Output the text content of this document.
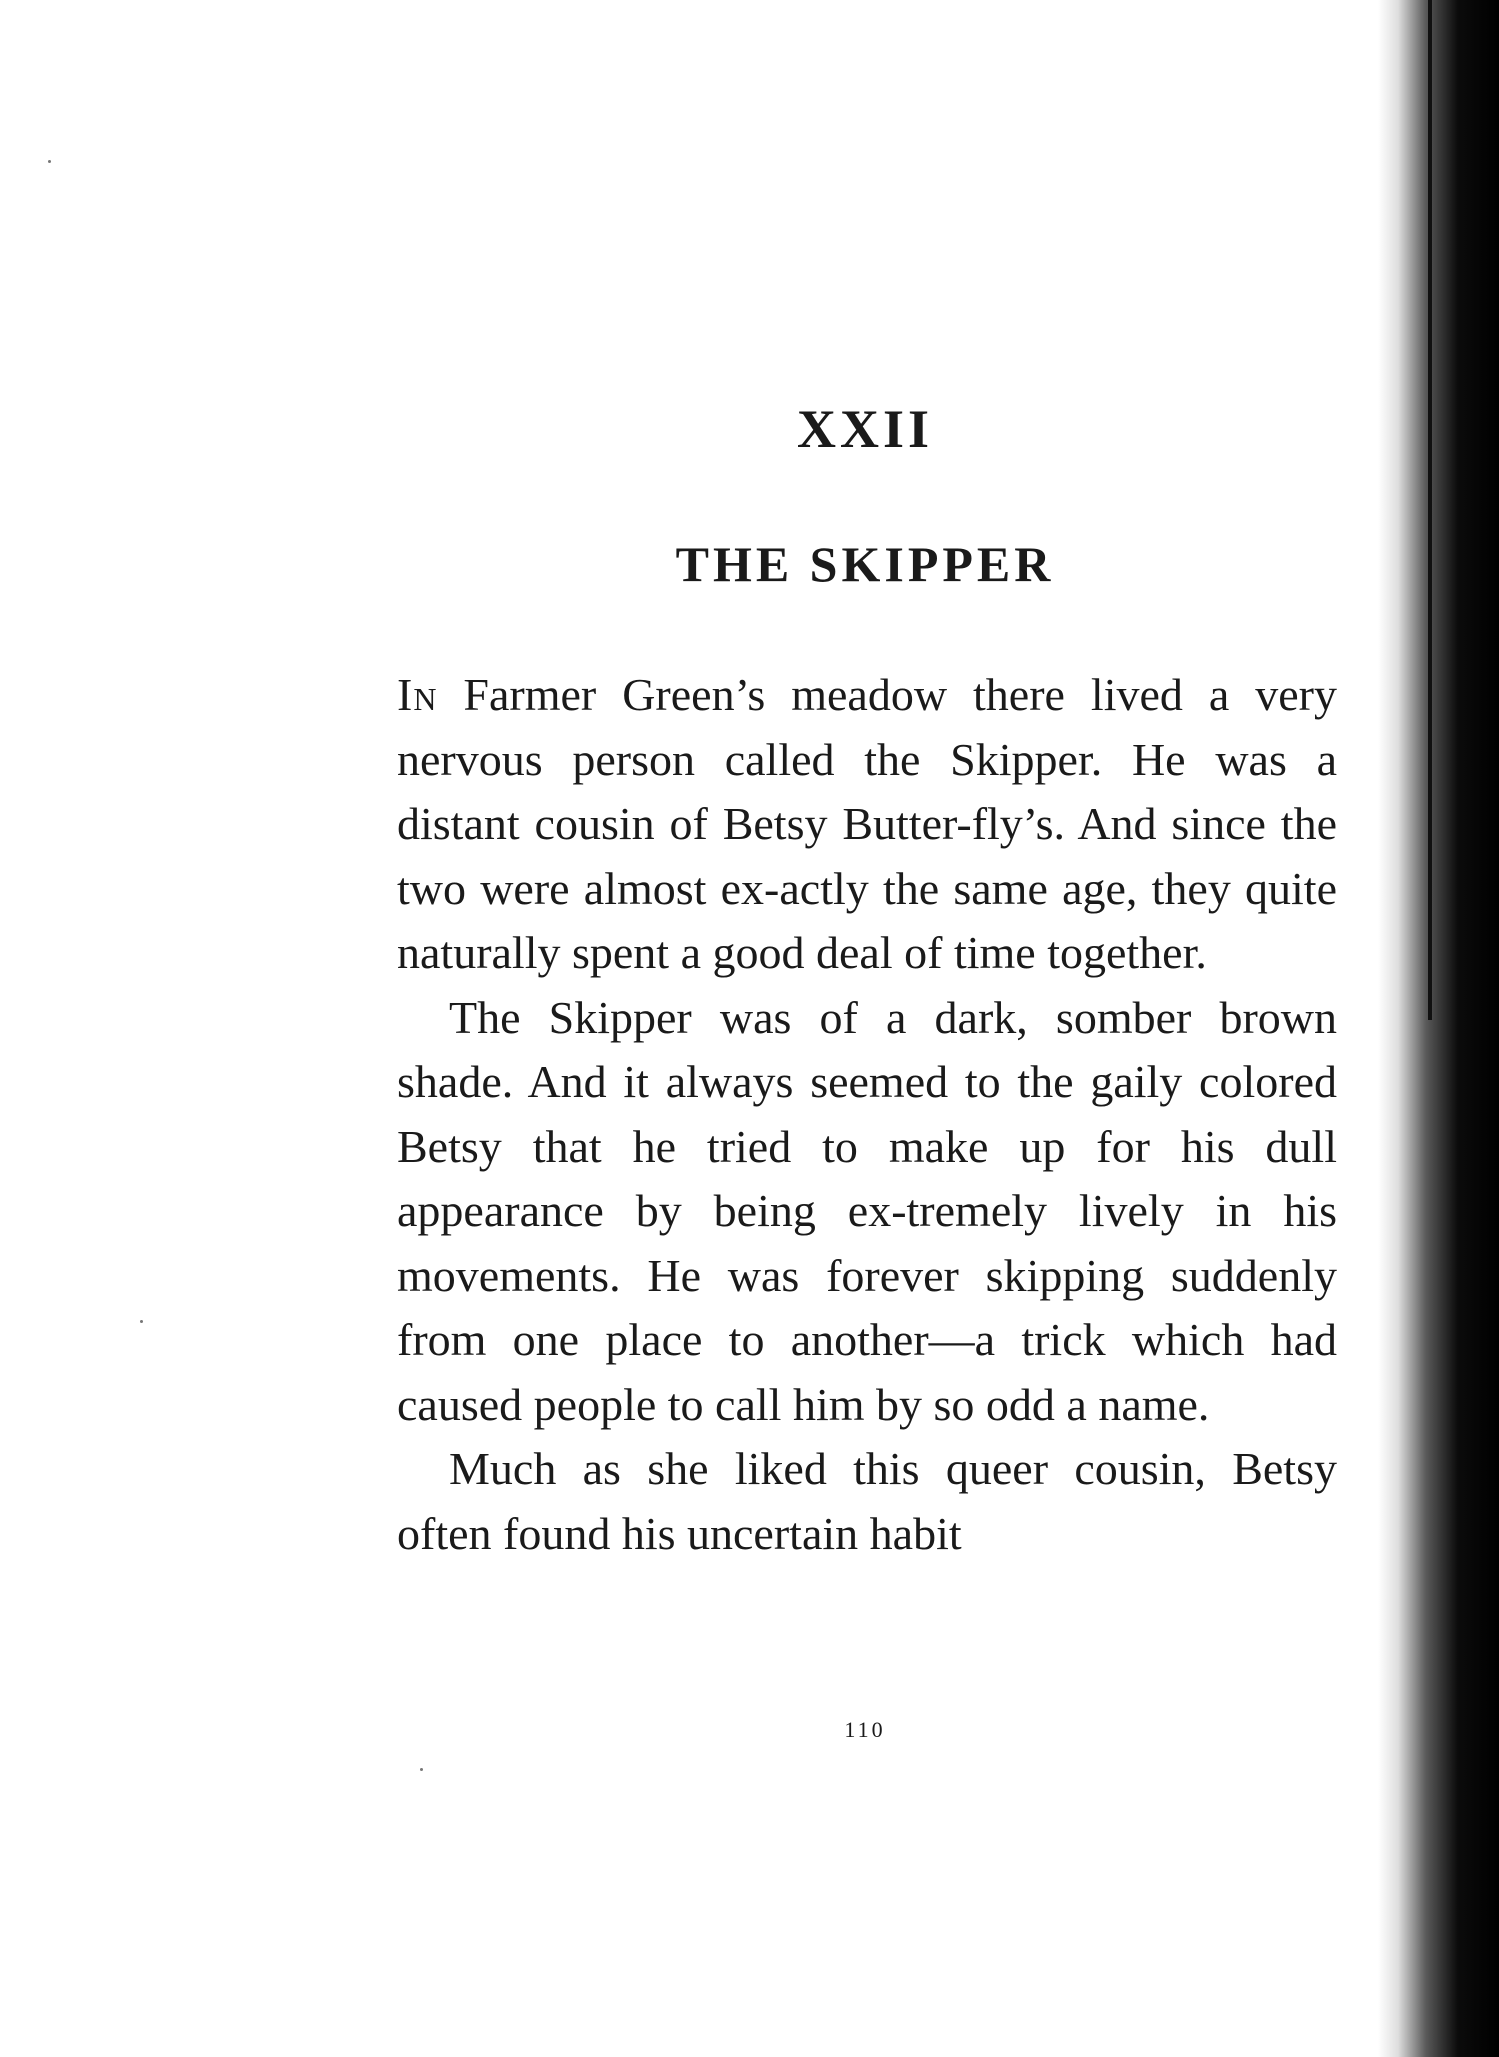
XXII
THE SKIPPER

In Farmer Green’s meadow there lived a very nervous person called the Skipper. He was a distant cousin of Betsy Butter-fly’s. And since the two were almost ex-actly the same age, they quite naturally spent a good deal of time together.

The Skipper was of a dark, somber brown shade. And it always seemed to the gaily colored Betsy that he tried to make up for his dull appearance by being ex-tremely lively in his movements. He was forever skipping suddenly from one place to another—a trick which had caused people to call him by so odd a name.

Much as she liked this queer cousin, Betsy often found his uncertain habit

110
